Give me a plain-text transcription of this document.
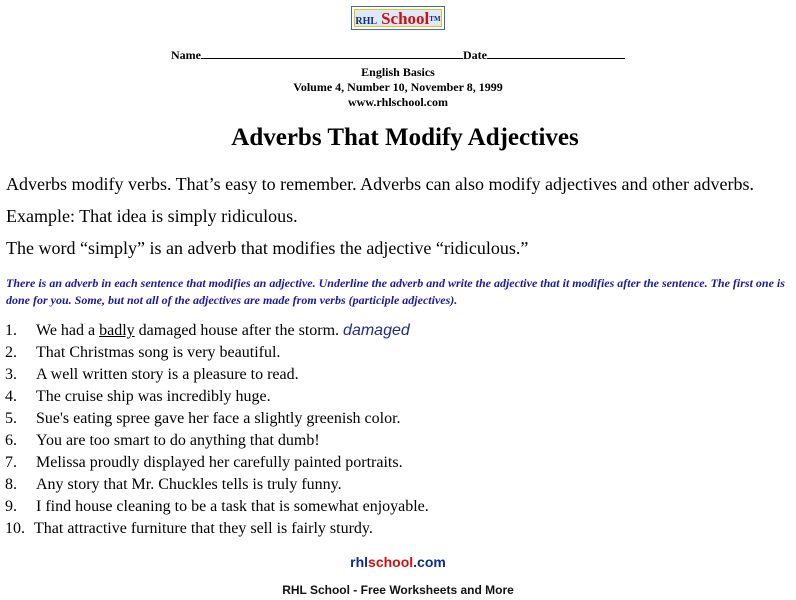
RHL School™
Name	Date
English Basics
Volume 4, Number 10, November 8, 1999
www.rhlschool.com
Adverbs That Modify Adjectives

Adverbs modify verbs. That’s easy to remember. Adverbs can also modify adjectives and other adverbs.

Example: That idea is simply ridiculous.

The word “simply” is an adverb that modifies the adjective “ridiculous.”

There is an adverb in each sentence that modifies an adjective. Underline the adverb and write the adjective that it modifies after the sentence. The first one is done for you. Some, but not all of the adjectives are made from verbs (participle adjectives).

1. We had a badly damaged house after the storm. damaged
2. That Christmas song is very beautiful.
3. A well written story is a pleasure to read.
4. The cruise ship was incredibly huge.
5. Sue's eating spree gave her face a slightly greenish color.
6. You are too smart to do anything that dumb!
7. Melissa proudly displayed her carefully painted portraits.
8. Any story that Mr. Chuckles tells is truly funny.
9. I find house cleaning to be a task that is somewhat enjoyable.
10. That attractive furniture that they sell is fairly sturdy.
rhlschool.com
RHL School - Free Worksheets and More
